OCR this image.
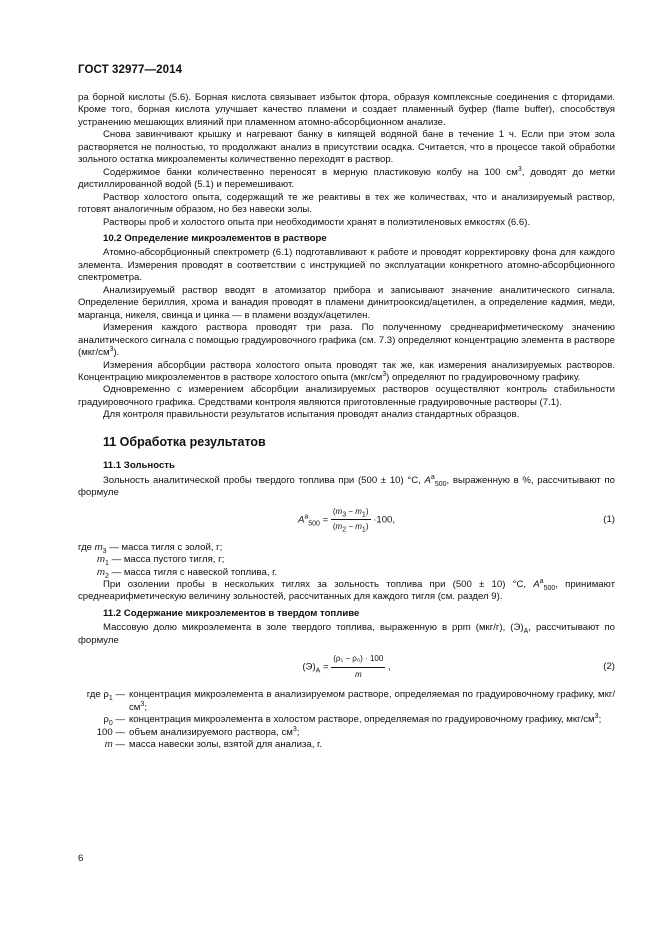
ГОСТ 32977—2014

ра борной кислоты (5.6). Борная кислота связывает избыток фтора, образуя комплексные соединения с фторидами. Кроме того, борная кислота улучшает качество пламени и создает пламенный буфер (flame buffer), способствуя устранению мешающих влияний при пламенном атомно-абсорбционном анализе.

Снова завинчивают крышку и нагревают банку в кипящей водяной бане в течение 1 ч. Если при этом зола растворяется не полностью, то продолжают анализ в присутствии осадка. Считается, что в процессе такой обработки зольного остатка микроэлементы количественно переходят в раствор.

Содержимое банки количественно переносят в мерную пластиковую колбу на 100 $см^3$, доводят до метки дистиллированной водой (5.1) и перемешивают.

Раствор холостого опыта, содержащий те же реактивы в тех же количествах, что и анализируемый раствор, готовят аналогичным образом, но без навески золы.

Растворы проб и холостого опыта при необходимости хранят в полиэтиленовых емкостях (6.6).

10.2 Определение микроэлементов в растворе

Атомно-абсорбционный спектрометр (6.1) подготавливают к работе и проводят корректировку фона для каждого элемента. Измерения проводят в соответствии с инструкцией по эксплуатации конкретного атомно-абсорбционного спектрометра.

Анализируемый раствор вводят в атомизатор прибора и записывают значение аналитического сигнала. Определение бериллия, хрома и ванадия проводят в пламени динитрооксид/ацетилен, а определение кадмия, меди, марганца, никеля, свинца и цинка — в пламени воздух/ацетилен.

Измерения каждого раствора проводят три раза. По полученному среднеарифметическому значению аналитического сигнала с помощью градуировочного графика (см. 7.3) определяют концентрацию элемента в растворе $(мкг/см^3)$.

Измерения абсорбции раствора холостого опыта проводят так же, как измерения анализируемых растворов. Концентрацию микроэлементов в растворе холостого опыта $(мкг/см^3)$ определяют по градуировочному графику.

Одновременно с измерением абсорбции анализируемых растворов осуществляют контроль стабильности градуировочного графика. Средствами контроля являются приготовленные градуировочные растворы (7.1).

Для контроля правильности результатов испытания проводят анализ стандартных образцов.

11 Обработка результатов

11.1 Зольность

Зольность аналитической пробы твердого топлива при (500 ± 10) °С, $A^a_{500}$, выраженную в %, рассчитывают по формуле

$A^a_{500} = \frac{(m_3 - m_1)}{(m_2 - m_1)} \cdot 100$,	(1)
где $m_3$ — масса тигля с золой, г;
$m_1$ — масса пустого тигля, г;
$m_2$ — масса тигля с навеской топлива, г.

При озолении пробы в нескольких тиглях за зольность топлива при (500 ± 10) °С, $A^a_{500}$, принимают среднеарифметическую величину зольностей, рассчитанных для каждого тигля (см. раздел 9).

11.2 Содержание микроэлементов в твердом топливе

Массовую долю микроэлемента в золе твердого топлива, выраженную в ppm (мкг/г), $(Э)_А$, рассчитывают по формуле

$(Э)_А = \frac{\text{(ρ₁ − ρ₀) · 100}}{m}$ ,	(2)
где $\rho_1$ —	концентрация микроэлемента в анализируемом растворе, определяемая по градуировочному графику, мкг/$см^3$;
$\rho_0$ —	концентрация микроэлемента в холостом растворе, определяемая по градуировочному графику, мкг/$см^3$;
100 —	объем анализируемого раствора, $см^3$;
m —	масса навески золы, взятой для анализа, г.
6
